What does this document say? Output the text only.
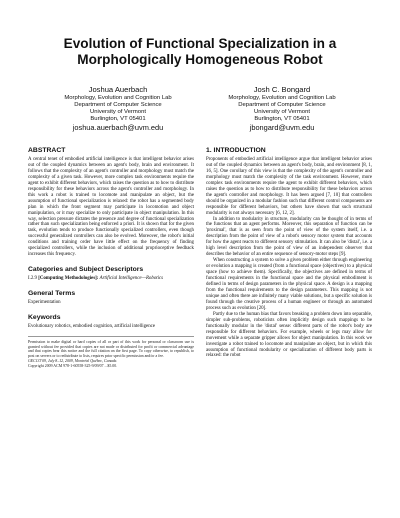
Evolution of Functional Specialization in a Morphologically Homogeneous Robot
Joshua Auerbach
Morphology, Evolution and Cognition Lab
Department of Computer Science
University of Vermont
Burlington, VT 05401
joshua.auerbach@uvm.edu
Josh C. Bongard
Morphology, Evolution and Cognition Lab
Department of Computer Science
University of Vermont
Burlington, VT 05401
jbongard@uvm.edu
ABSTRACT

A central tenet of embodied artificial intelligence is that intelligent behavior arises out of the coupled dynamics between an agent's body, brain and environment. It follows that the complexity of an agent's controller and morphology must match the complexity of a given task. However, more complex task environments require the agent to exhibit different behaviors, which raises the question as to how to distribute responsibility for these behaviors across the agent's controller and morphology. In this work a robot is trained to locomote and manipulate an object, but the assumption of functional specialization is relaxed: the robot has a segmented body plan in which the front segment may participate in locomotion and object manipulation, or it may specialize to only participate in object manipulation. In this way, selection pressure dictates the presence and degree of functional specialization rather than such specialization being enforced a priori. It is shown that for the given task, evolution tends to produce functionally specialized controllers, even though successful generalized controllers can also be evolved. Moreover, the robot's initial conditions and training order have little effect on the frequency of finding specialized controllers, while the inclusion of additional proprioceptive feedback increases this frequency.

Categories and Subject Descriptors

I.2.9 [Computing Methodologies]: Artificial Intelligence—Robotics

General Terms

Experimentation

Keywords

Evolutionary robotics, embodied cognition, artificial intelligence

Permission to make digital or hard copies of all or part of this work for personal or classroom use is granted without fee provided that copies are not made or distributed for profit or commercial advantage and that copies bear this notice and the full citation on the first page. To copy otherwise, to republish, to post on servers or to redistribute to lists, requires prior specific permission and/or a fee.

GECCO'09, July 8–12, 2009, Montréal Québec, Canada.

Copyright 2009 ACM 978-1-60558-325-9/09/07 ...$5.00.

1. INTRODUCTION

Proponents of embodied artificial intelligence argue that intelligent behavior arises out of the coupled dynamics between an agent's body, brain, and environment [8, 1, 16, 5]. One corollary of this view is that the complexity of the agent's controller and morphology must match the complexity of the task environment. However, more complex task environments require the agent to exhibit different behaviors, which raises the question as to how to distribute responsibility for these behaviors across the agent's controller and morphology. It has been argued [7, 10] that controllers should be organized in a modular fashion such that different control components are responsible for different behaviors, but others have shown that such structural modularity is not always necessary [6, 12, 2].

In addition to modularity in structure, modularity can be thought of in terms of the functions that an agent performs. Moreover, this separation of function can be 'proximal', that is as seen from the point of view of the system itself, i.e. a description from the point of view of a robot's sensory motor system that accounts for how the agent reacts to different sensory stimulation. It can also be 'distal', i.e. a high level description from the point of view of an independent observer that describes the behavior of an entire sequence of sensory-motor steps [9].

When constructing a system to solve a given problem either through engineering or evolution a mapping is created (from a functional space (objectives) to a physical space (how to achieve them). Specifically, the objectives are defined in terms of functional requirements in the functional space and the physical embodiment is defined in terms of design parameters in the physical space. A design is a mapping from the functional requirements to the design parameters. This mapping is not unique and often there are infinitely many viable solutions, but a specific solution is found through the creative process of a human engineer or through an automated process such as evolution [20].

Partly due to the human bias that favors breaking a problem down into separable, simpler sub-problems, roboticists often implicitly design such mappings to be functionally modular in the 'distal' sense: different parts of the robot's body are responsible for different behaviors. For example, wheels or legs may allow for movement while a separate gripper allows for object manipulation. In this work we investigate a robot trained to locomote and manipulate an object, but in which this assumption of functional modularity or specialization of different body parts is relaxed: the robot
